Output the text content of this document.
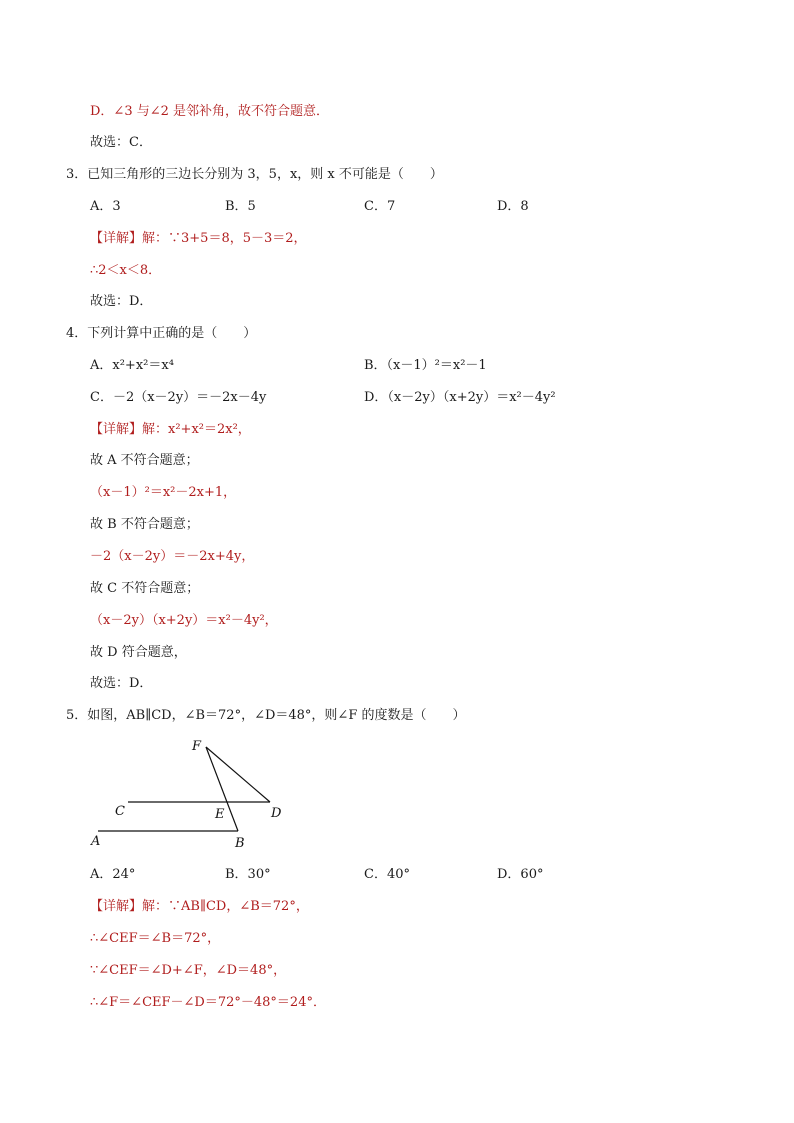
D．∠3 与∠2 是邻补角，故不符合题意．
故选：C．
3．已知三角形的三边长分别为 3，5，x，则 x 不可能是（　　）
A．3	B．5	C．7	D．8
【详解】解：∵3+5＝8，5－3＝2，
∴2＜x＜8．
故选：D．
4．下列计算中正确的是（　　）
A．x²+x²＝x⁴	B．（x－1）²＝x²－1
C．－2（x－2y）＝－2x－4y	D．（x－2y）（x+2y）＝x²－4y²
【详解】解：x²+x²＝2x²，
故 A 不符合题意；
（x－1）²＝x²－2x+1，
故 B 不符合题意；
－2（x－2y）＝－2x+4y，
故 C 不符合题意；
（x－2y）（x+2y）＝x²－4y²，
故 D 符合题意，
故选：D．
5．如图，AB∥CD，∠B＝72°，∠D＝48°，则∠F 的度数是（　　）
F
C	E	D
A	B
A．24°	B．30°	C．40°	D．60°
【详解】解：∵AB∥CD，∠B＝72°，
∴∠CEF＝∠B＝72°，
∵∠CEF＝∠D+∠F，∠D＝48°，
∴∠F＝∠CEF－∠D＝72°－48°＝24°．
